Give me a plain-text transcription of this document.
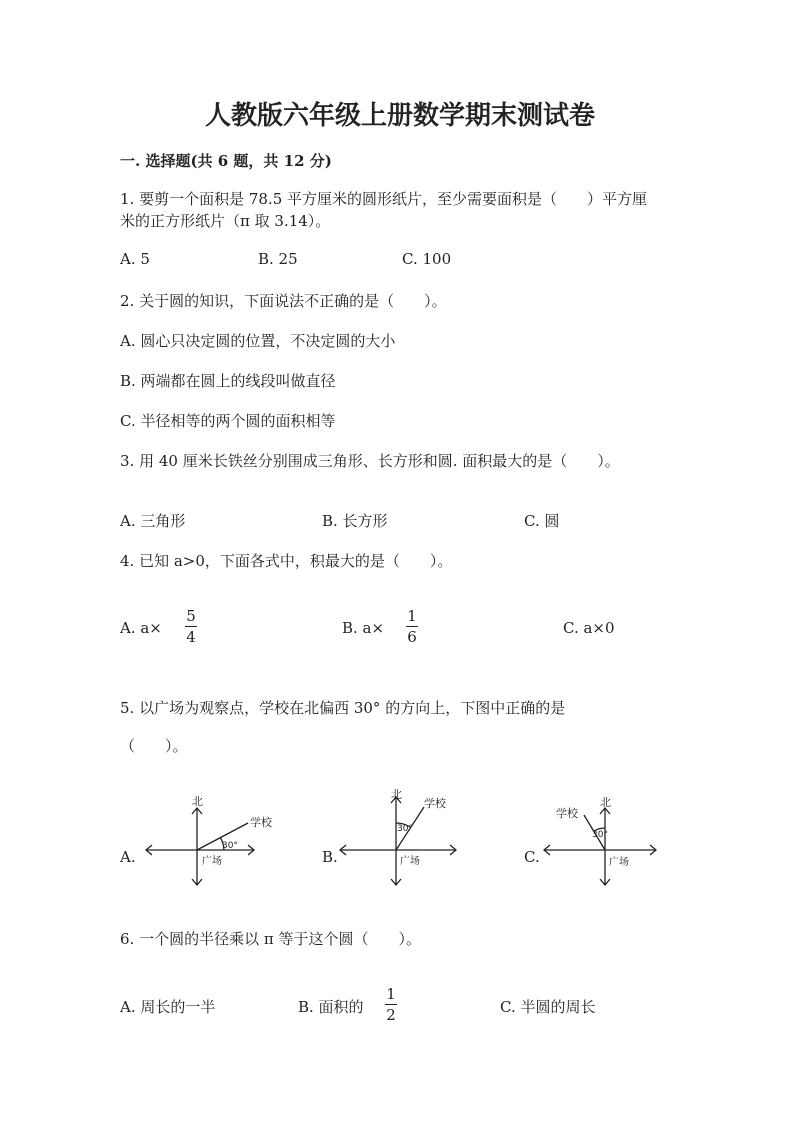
人教版六年级上册数学期末测试卷
一. 选择题(共 6 题，共 12 分)
1. 要剪一个面积是 78.5 平方厘米的圆形纸片，至少需要面积是（　　）平方厘
米的正方形纸片（π 取 3.14）。
A. 5	B. 25	C. 100
2. 关于圆的知识，下面说法不正确的是（　　）。
A. 圆心只决定圆的位置，不决定圆的大小
B. 两端都在圆上的线段叫做直径
C. 半径相等的两个圆的面积相等
3. 用 40 厘米长铁丝分别围成三角形、长方形和圆. 面积最大的是（　　）。
A. 三角形	B. 长方形	C. 圆
4. 已知 a>0，下面各式中，积最大的是（　　）。
A. a×
5
4	B. a×
1
6	C. a×0
5. 以广场为观察点，学校在北偏西 30° 的方向上，下图中正确的是
（　　）。
A.
北
学校
广场
30°
B.
北
学校
广场
30°
C.
北
学校
广场
30°
6. 一个圆的半径乘以 π 等于这个圆（　　）。
A. 周长的一半	B. 面积的
1
2	C. 半圆的周长
